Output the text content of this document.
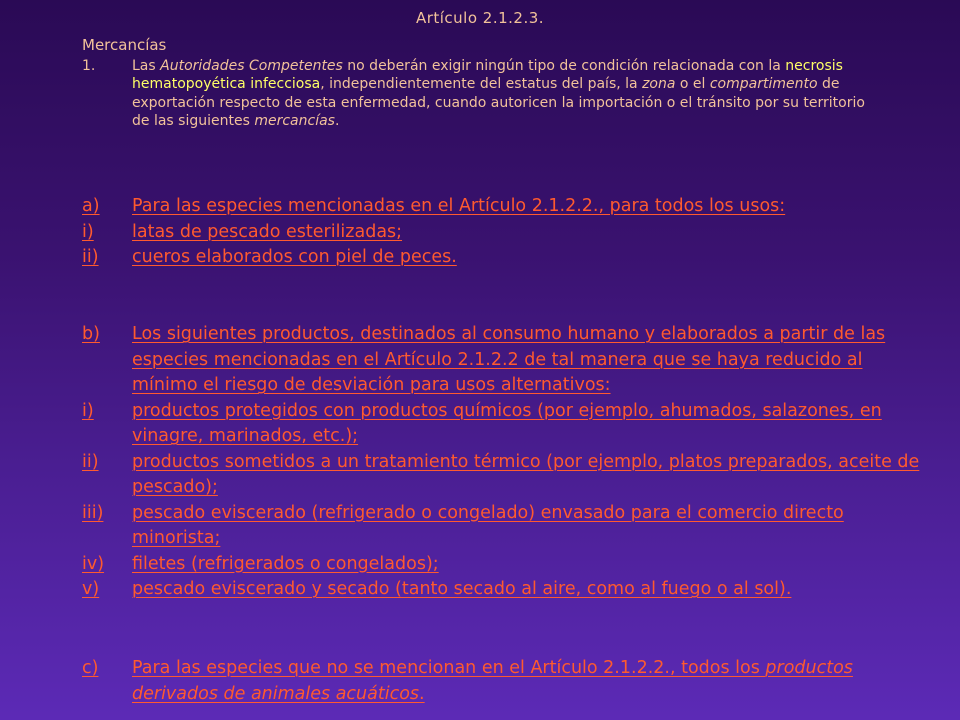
Artículo 2.1.2.3.
Mercancías
1.	Las Autoridades Competentes no deberán exigir ningún tipo de condición relacionada con la necrosis hematopoyética infecciosa, independientemente del estatus del país, la zona o el compartimento de exportación respecto de esta enfermedad, cuando autoricen la importación o el tránsito por su territorio de las siguientes mercancías.
a) Para las especies mencionadas en el Artículo 2.1.2.2., para todos los usos:
i) latas de pescado esterilizadas;
ii) cueros elaborados con piel de peces.
b) Los siguientes productos, destinados al consumo humano y elaborados a partir de las especies mencionadas en el Artículo 2.1.2.2 de tal manera que se haya reducido al mínimo el riesgo de desviación para usos alternativos:
i) productos protegidos con productos químicos (por ejemplo, ahumados, salazones, en vinagre, marinados, etc.);
ii) productos sometidos a un tratamiento térmico (por ejemplo, platos preparados, aceite de pescado);
iii) pescado eviscerado (refrigerado o congelado) envasado para el comercio directo minorista;
iv) filetes (refrigerados o congelados);
v) pescado eviscerado y secado (tanto secado al aire, como al fuego o al sol).
c) Para las especies que no se mencionan en el Artículo 2.1.2.2., todos los productos derivados de animales acuáticos.
